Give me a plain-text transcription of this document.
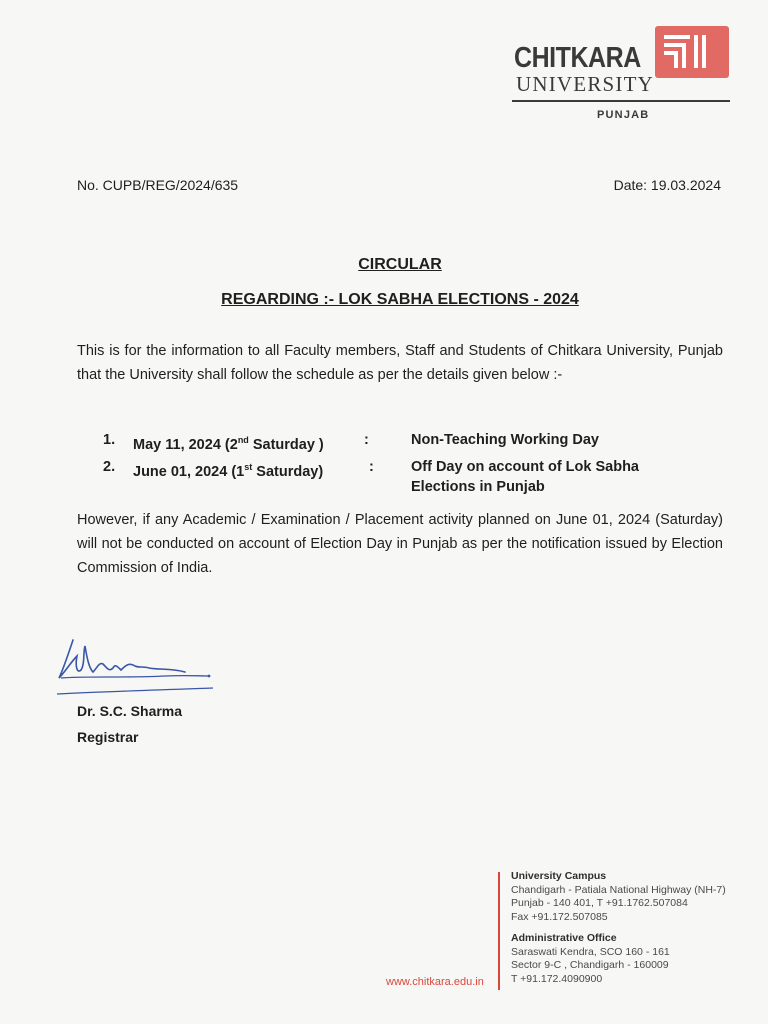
CHITKARA
UNIVERSITY
PUNJAB
No. CUPB/REG/2024/635	Date: 19.03.2024
CIRCULAR
REGARDING :- LOK SABHA ELECTIONS - 2024
This is for the information to all Faculty members, Staff and Students of Chitkara University, Punjab that the University shall follow the schedule as per the details given below :-
1. May 11, 2024 (2nd Saturday )	:	Non-Teaching Working Day
2. June 01, 2024 (1st Saturday)	:	Off Day on account of Lok Sabha Elections in Punjab
However, if any Academic / Examination / Placement activity planned on June 01, 2024 (Saturday) will not be conducted on account of Election Day in Punjab as per the notification issued by Election Commission of India.
Dr. S.C. Sharma
Registrar
www.chitkara.edu.in
University Campus
Chandigarh - Patiala National Highway (NH-7)
Punjab - 140 401, T +91.1762.507084
Fax +91.172.507085
Administrative Office
Saraswati Kendra, SCO 160 - 161
Sector 9-C , Chandigarh - 160009
T +91.172.4090900
